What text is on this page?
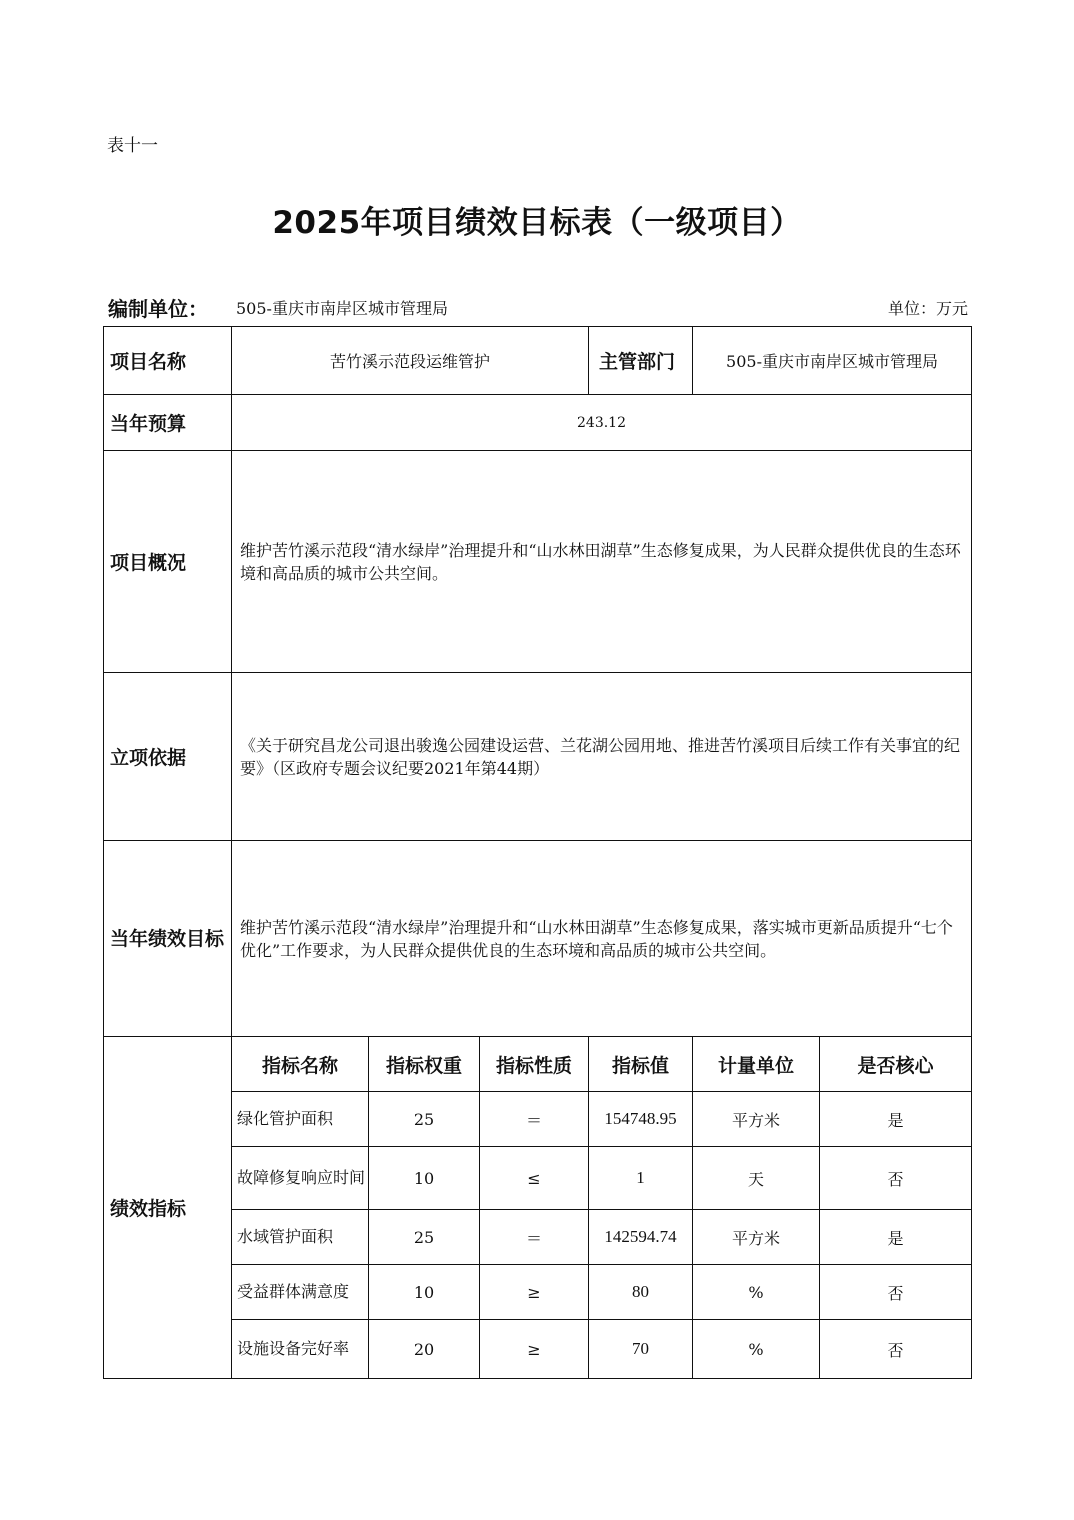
表十一
2025年项目绩效目标表（一级项目）
编制单位： 505-重庆市南岸区城市管理局	单位：万元
项目名称	苦竹溪示范段运维管护			主管部门	505-重庆市南岸区城市管理局	
当年预算	243.12					
项目概况	维护苦竹溪示范段“清水绿岸”治理提升和“山水林田湖草”生态修复成果，为人民群众提供优良的生态环境和高品质的城市公共空间。					
立项依据	《关于研究昌龙公司退出骏逸公园建设运营、兰花湖公园用地、推进苦竹溪项目后续工作有关事宜的纪要》（区政府专题会议纪要2021年第44期）					
当年绩效目标	维护苦竹溪示范段“清水绿岸”治理提升和“山水林田湖草”生态修复成果，落实城市更新品质提升“七个优化”工作要求，为人民群众提供优良的生态环境和高品质的城市公共空间。					
绩效指标	指标名称	指标权重	指标性质	指标值	计量单位	是否核心
	绿化管护面积	25	＝	154748.95	平方米	是
	故障修复响应时间	10	≤	1	天	否
	水域管护面积	25	＝	142594.74	平方米	是
	受益群体满意度	10	≥	80	%	否
	设施设备完好率	20	≥	70	%	否
